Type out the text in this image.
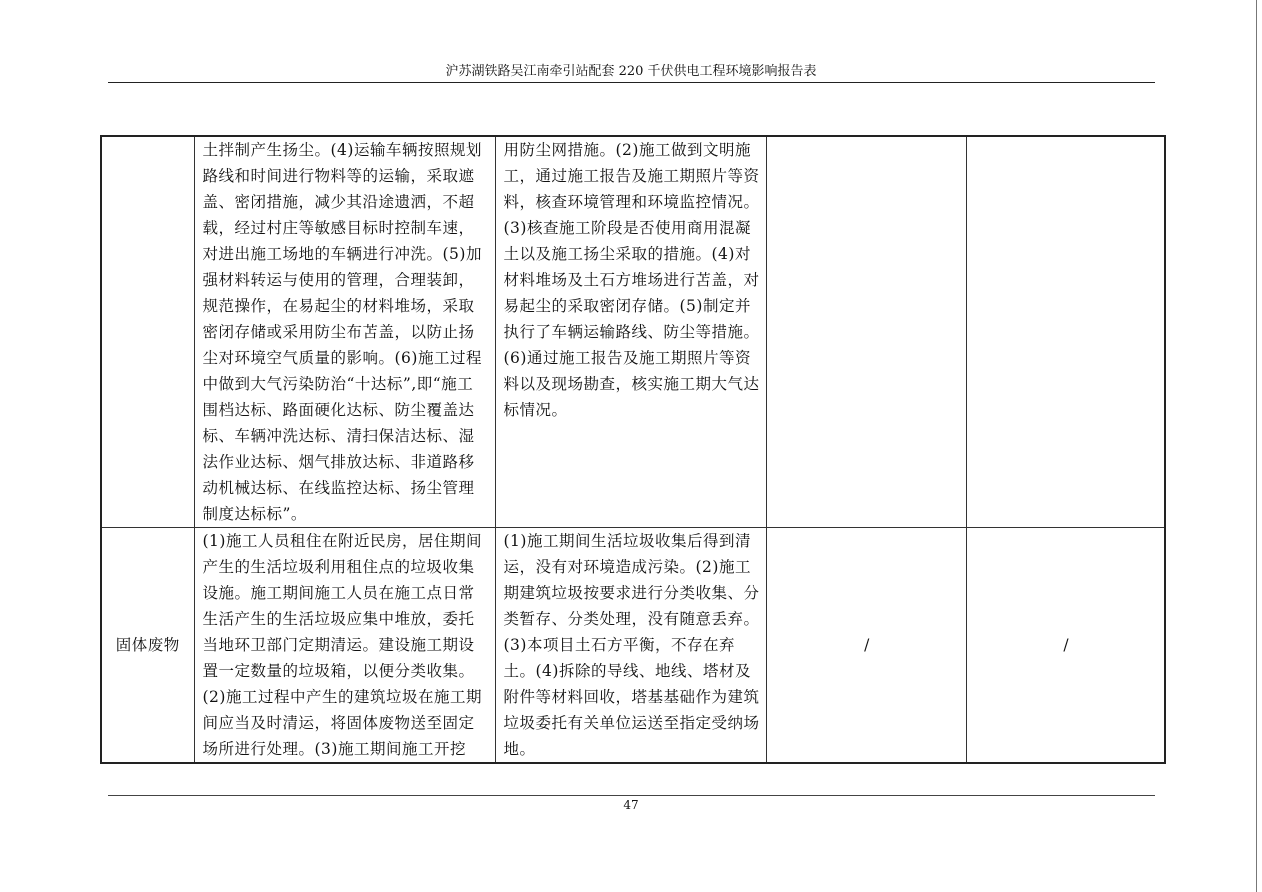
沪苏湖铁路吴江南牵引站配套 220 千伏供电工程环境影响报告表
	土拌制产生扬尘。(4)运输车辆按照规划路线和时间进行物料等的运输，采取遮盖、密闭措施，减少其沿途遗洒，不超载，经过村庄等敏感目标时控制车速，对进出施工场地的车辆进行冲洗。(5)加强材料转运与使用的管理，合理装卸，规范操作，在易起尘的材料堆场，采取密闭存储或采用防尘布苫盖，以防止扬尘对环境空气质量的影响。(6)施工过程中做到大气污染防治“十达标”,即“施工围档达标、路面硬化达标、防尘覆盖达标、车辆冲洗达标、清扫保洁达标、湿法作业达标、烟气排放达标、非道路移动机械达标、在线监控达标、扬尘管理制度达标标”。	用防尘网措施。(2)施工做到文明施工，通过施工报告及施工期照片等资料，核查环境管理和环境监控情况。(3)核查施工阶段是否使用商用混凝土以及施工扬尘采取的措施。(4)对材料堆场及土石方堆场进行苫盖，对易起尘的采取密闭存储。(5)制定并执行了车辆运输路线、防尘等措施。(6)通过施工报告及施工期照片等资料以及现场勘查，核实施工期大气达标情况。		
固体废物	(1)施工人员租住在附近民房，居住期间产生的生活垃圾利用租住点的垃圾收集设施。施工期间施工人员在施工点日常生活产生的生活垃圾应集中堆放，委托当地环卫部门定期清运。建设施工期设置一定数量的垃圾箱，以便分类收集。(2)施工过程中产生的建筑垃圾在施工期间应当及时清运，将固体废物送至固定场所进行处理。(3)施工期间施工开挖	(1)施工期间生活垃圾收集后得到清运，没有对环境造成污染。(2)施工期建筑垃圾按要求进行分类收集、分类暂存、分类处理，没有随意丢弃。(3)本项目土石方平衡，不存在弃土。(4)拆除的导线、地线、塔材及附件等材料回收，塔基基础作为建筑垃圾委托有关单位运送至指定受纳场地。	/	/
47
